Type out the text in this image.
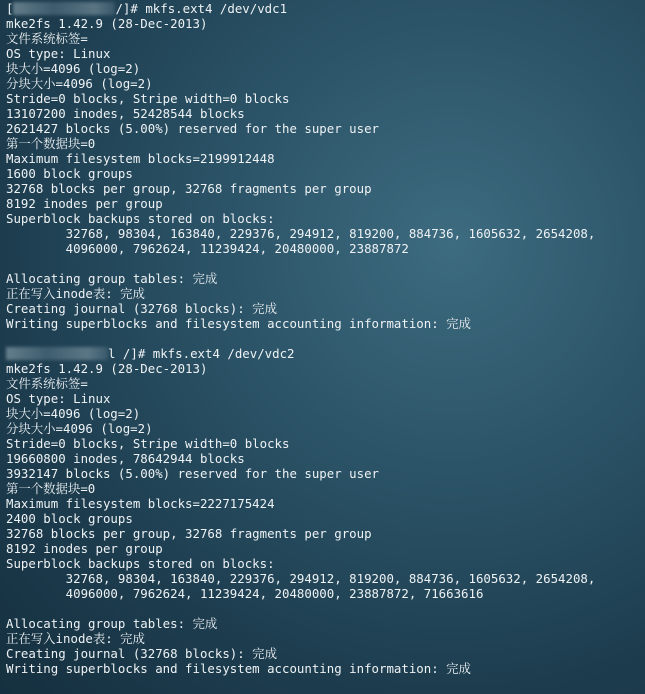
[	/]# mkfs.ext4 /dev/vdc1
mke2fs 1.42.9 (28-Dec-2013)
文件系统标签=
OS type: Linux
块大小=4096 (log=2)
分块大小=4096 (log=2)
Stride=0 blocks, Stripe width=0 blocks
13107200 inodes, 52428544 blocks
2621427 blocks (5.00%) reserved for the super user
第一个数据块=0
Maximum filesystem blocks=2199912448
1600 block groups
32768 blocks per group, 32768 fragments per group
8192 inodes per group
Superblock backups stored on blocks:
32768, 98304, 163840, 229376, 294912, 819200, 884736, 1605632, 2654208,
4096000, 7962624, 11239424, 20480000, 23887872
Allocating group tables: 完成
正在写入inode表: 完成
Creating journal (32768 blocks): 完成
Writing superblocks and filesystem accounting information: 完成
l /]# mkfs.ext4 /dev/vdc2
mke2fs 1.42.9 (28-Dec-2013)
文件系统标签=
OS type: Linux
块大小=4096 (log=2)
分块大小=4096 (log=2)
Stride=0 blocks, Stripe width=0 blocks
19660800 inodes, 78642944 blocks
3932147 blocks (5.00%) reserved for the super user
第一个数据块=0
Maximum filesystem blocks=2227175424
2400 block groups
32768 blocks per group, 32768 fragments per group
8192 inodes per group
Superblock backups stored on blocks:
32768, 98304, 163840, 229376, 294912, 819200, 884736, 1605632, 2654208,
4096000, 7962624, 11239424, 20480000, 23887872, 71663616
Allocating group tables: 完成
正在写入inode表: 完成
Creating journal (32768 blocks): 完成
Writing superblocks and filesystem accounting information: 完成
